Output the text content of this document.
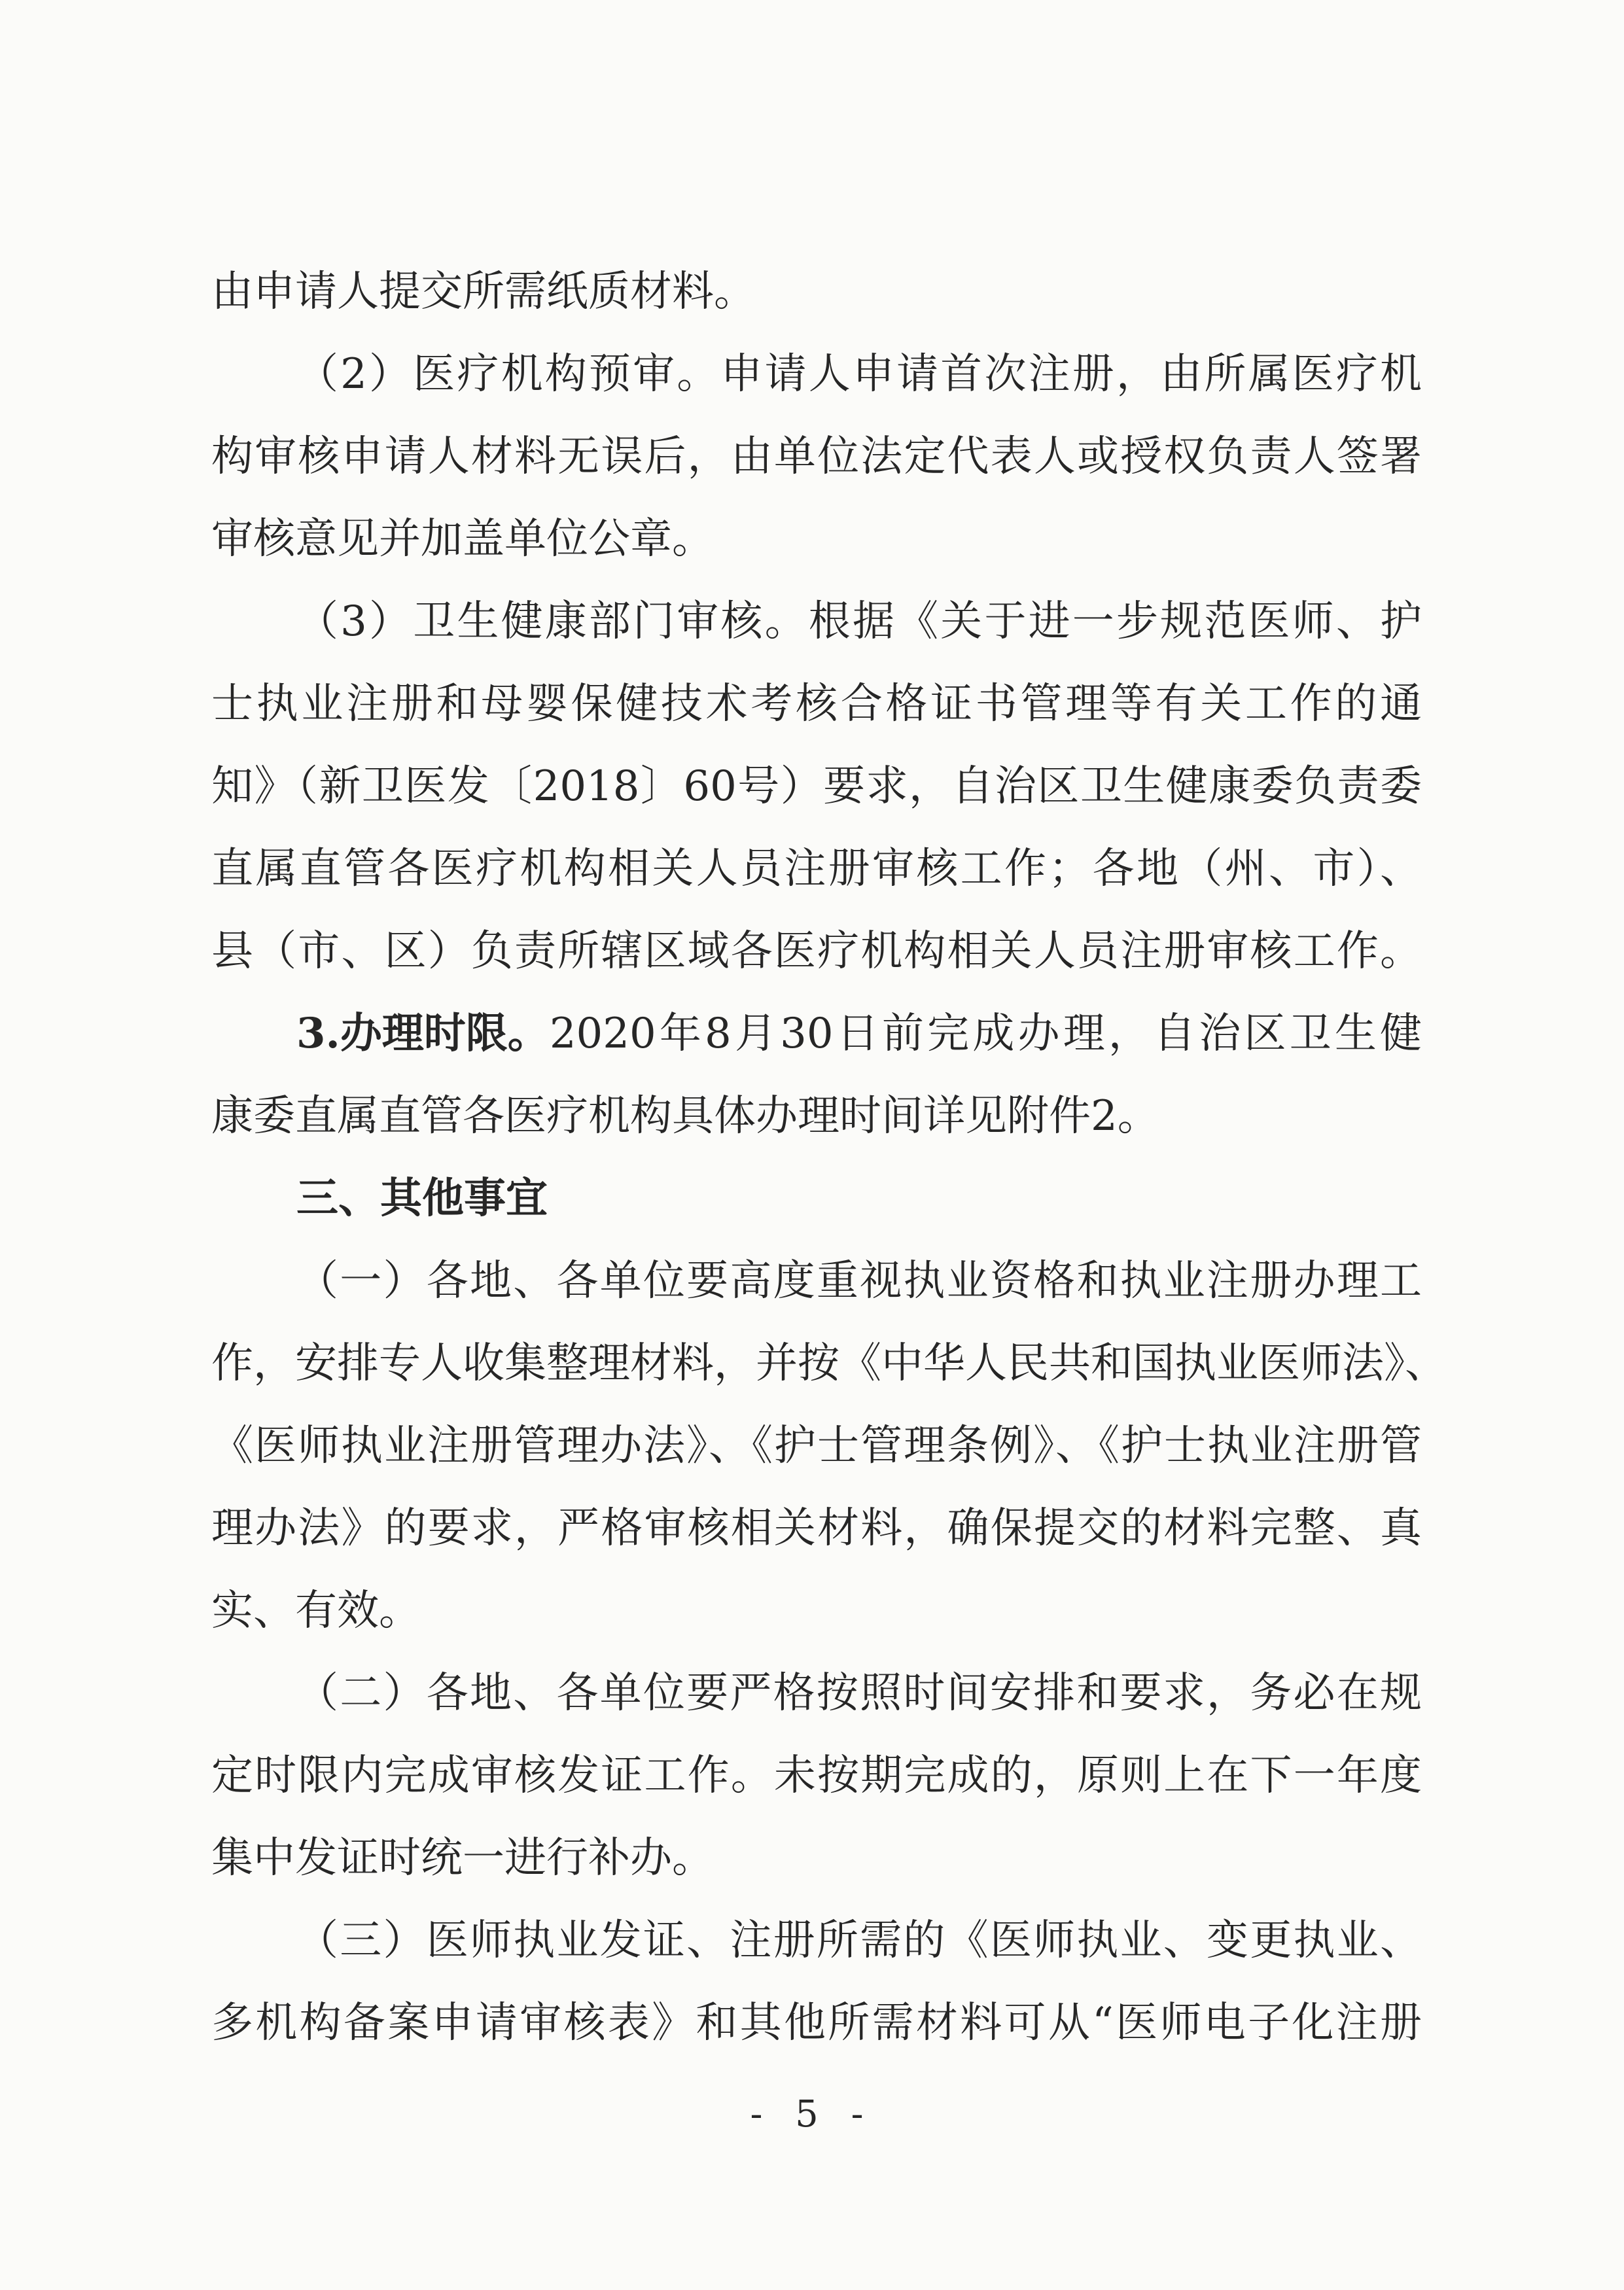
由申请人提交所需纸质材料。
（2）医疗机构预审。申请人申请首次注册，由所属医疗机
构审核申请人材料无误后，由单位法定代表人或授权负责人签署
审核意见并加盖单位公章。
（3）卫生健康部门审核。根据《关于进一步规范医师、护
士执业注册和母婴保健技术考核合格证书管理等有关工作的通
知》（新卫医发〔2018〕60号）要求，自治区卫生健康委负责委
直属直管各医疗机构相关人员注册审核工作；各地（州、市）、
县（市、区）负责所辖区域各医疗机构相关人员注册审核工作。
3.办理时限。 2020年8月30日前完成办理，自治区卫生健
康委直属直管各医疗机构具体办理时间详见附件2。
三、其他事宜
（一）各地、各单位要高度重视执业资格和执业注册办理工
作，安排专人收集整理材料，并按《中华人民共和国执业医师法》、
《医师执业注册管理办法》、《护士管理条例》、《护士执业注册管
理办法》的要求，严格审核相关材料，确保提交的材料完整、真
实、有效。
（二）各地、各单位要严格按照时间安排和要求，务必在规
定时限内完成审核发证工作。未按期完成的，原则上在下一年度
集中发证时统一进行补办。
（三）医师执业发证、注册所需的《医师执业、变更执业、
多机构备案申请审核表》和其他所需材料可从“医师电子化注册
- 5 -
